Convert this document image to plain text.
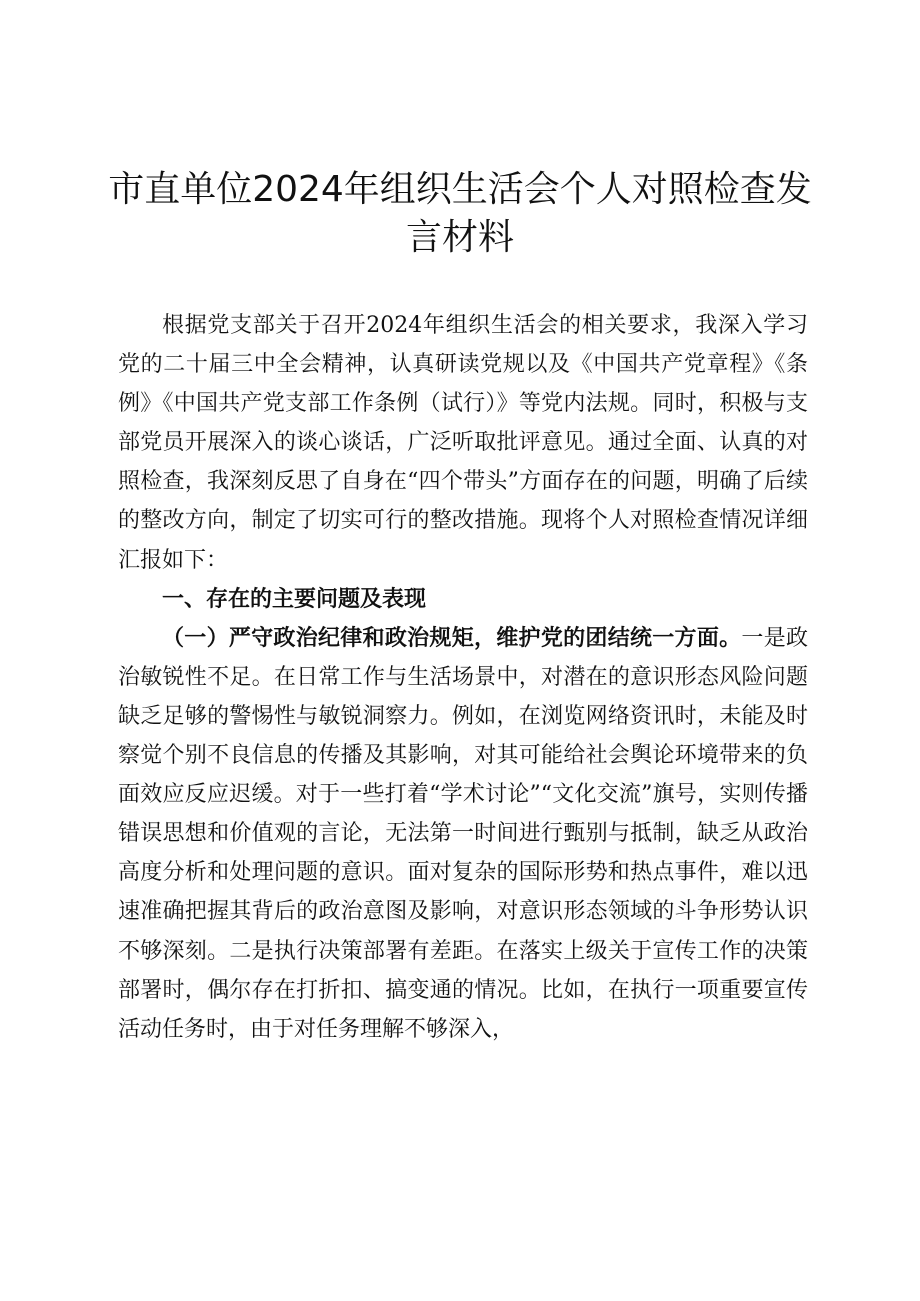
市直单位2024年组织生活会个人对照检查发
言材料

根据党支部关于召开2024年组织生活会的相关要求，我深入学习党的二十届三中全会精神，认真研读党规以及《中国共产党章程》《条例》《中国共产党支部工作条例（试行）》等党内法规。同时，积极与支部党员开展深入的谈心谈话，广泛听取批评意见。通过全面、认真的对照检查，我深刻反思了自身在“四个带头”方面存在的问题，明确了后续的整改方向，制定了切实可行的整改措施。现将个人对照检查情况详细汇报如下：

一、存在的主要问题及表现

（一）严守政治纪律和政治规矩，维护党的团结统一方面。一是政治敏锐性不足。在日常工作与生活场景中，对潜在的意识形态风险问题缺乏足够的警惕性与敏锐洞察力。例如，在浏览网络资讯时，未能及时察觉个别不良信息的传播及其影响，对其可能给社会舆论环境带来的负面效应反应迟缓。对于一些打着“学术讨论”“文化交流”旗号，实则传播错误思想和价值观的言论，无法第一时间进行甄别与抵制，缺乏从政治高度分析和处理问题的意识。面对复杂的国际形势和热点事件，难以迅速准确把握其背后的政治意图及影响，对意识形态领域的斗争形势认识不够深刻。二是执行决策部署有差距。在落实上级关于宣传工作的决策部署时，偶尔存在打折扣、搞变通的情况。比如，在执行一项重要宣传活动任务时，由于对任务理解不够深入，
